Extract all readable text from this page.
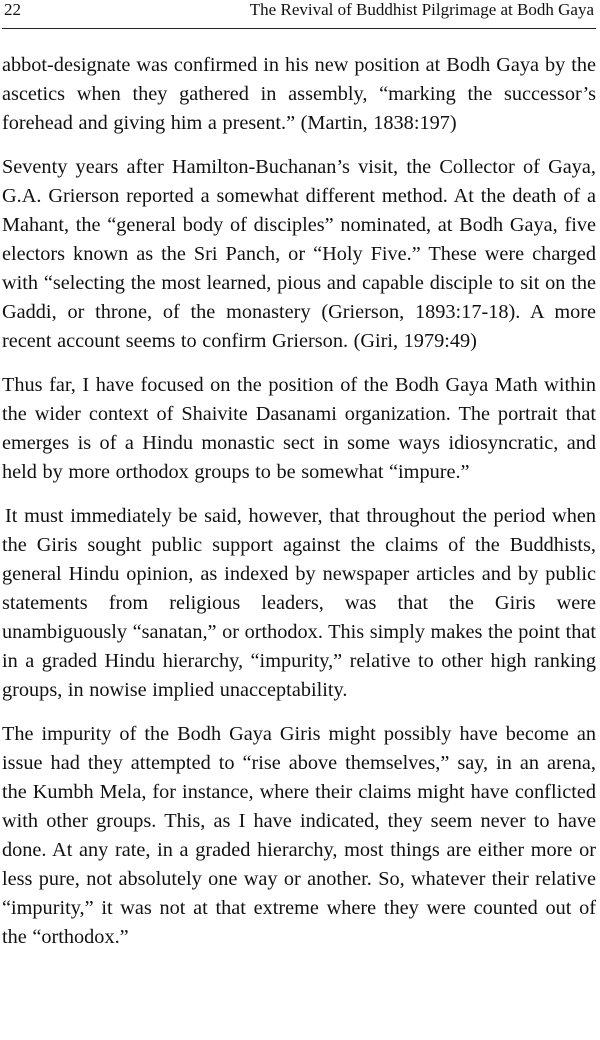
22	The Revival of Buddhist Pilgrimage at Bodh Gaya

abbot-designate was confirmed in his new position at Bodh Gaya by the ascetics when they gathered in assembly, “marking the successor’s forehead and giving him a present.” (Martin, 1838:197)

Seventy years after Hamilton-Buchanan’s visit, the Collector of Gaya, G.A. Grierson reported a somewhat different method. At the death of a Mahant, the “general body of disciples” nominated, at Bodh Gaya, five electors known as the Sri Panch, or “Holy Five.” These were charged with “selecting the most learned, pious and capable disciple to sit on the Gaddi, or throne, of the monastery (Grierson, 1893:17-18). A more recent account seems to confirm Grierson. (Giri, 1979:49)

Thus far, I have focused on the position of the Bodh Gaya Math within the wider context of Shaivite Dasanami organization. The portrait that emerges is of a Hindu monastic sect in some ways idiosyncratic, and held by more orthodox groups to be somewhat “impure.”

It must immediately be said, however, that throughout the period when the Giris sought public support against the claims of the Buddhists, general Hindu opinion, as indexed by newspaper articles and by public statements from religious leaders, was that the Giris were unambiguously “sanatan,” or orthodox. This simply makes the point that in a graded Hindu hierarchy, “impurity,” relative to other high ranking groups, in nowise implied unacceptability.

The impurity of the Bodh Gaya Giris might possibly have become an issue had they attempted to “rise above themselves,” say, in an arena, the Kumbh Mela, for instance, where their claims might have conflicted with other groups. This, as I have indicated, they seem never to have done. At any rate, in a graded hierarchy, most things are either more or less pure, not absolutely one way or another. So, whatever their relative “impurity,” it was not at that extreme where they were counted out of the “orthodox.”
